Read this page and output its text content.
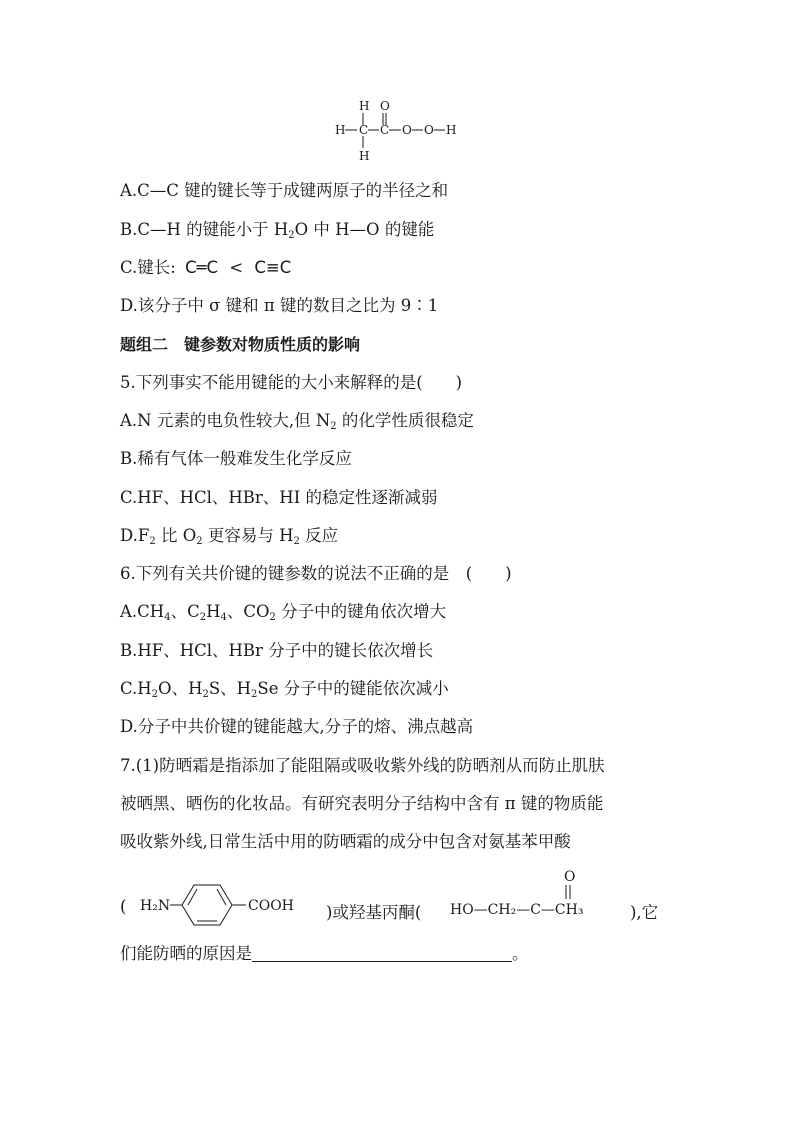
H O
H C C O O H
H
A.C—C 键的键长等于成键两原子的半径之和
B.C—H 的键能小于 $H_2O$ 中 H—O 的键能
C.键长: C═C < C≡C
D.该分子中 σ 键和 π 键的数目之比为 9∶1
题组二　键参数对物质性质的影响
5.下列事实不能用键能的大小来解释的是(　　)
A.N 元素的电负性较大,但 $N_2$ 的化学性质很稳定
B.稀有气体一般难发生化学反应
C.HF、HCl、HBr、HI 的稳定性逐渐减弱
$D.F_2$ 比 $O_2$ 更容易与 $H_2$ 反应
6.下列有关共价键的键参数的说法不正确的是　(　　)
$A.CH_4$、$C_2H_4$、$CO_2$ 分子中的键角依次增大
B.HF、HCl、HBr 分子中的键长依次增长
$C.H_2O$、$H_2S$、$H_2Se$ 分子中的键能依次减小
D.分子中共价键的键能越大,分子的熔、沸点越高
7.(1)防晒霜是指添加了能阻隔或吸收紫外线的防晒剂从而防止肌肤
被晒黑、晒伤的化妆品。有研究表明分子结构中含有 π 键的物质能
吸收紫外线,日常生活中用的防晒霜的成分中包含对氨基苯甲酸
( H₂N	COOH )或羟基丙酮(
O
HO—CH₂—C—CH₃	),它
们能防晒的原因是	。
